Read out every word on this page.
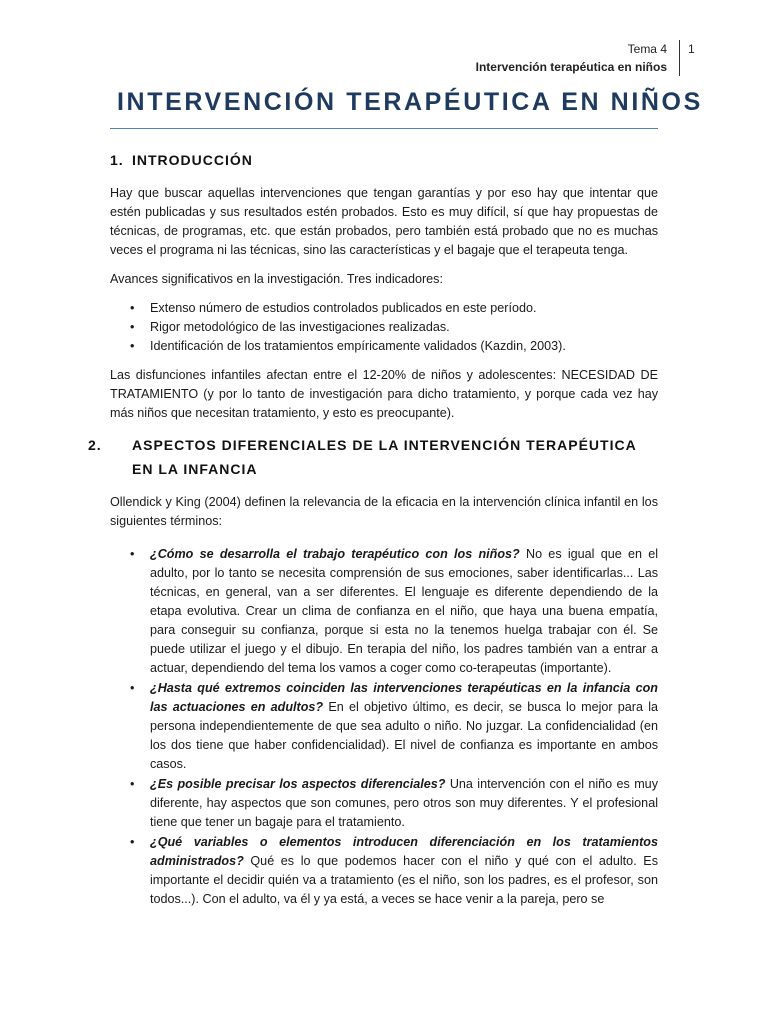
Tema 4
Intervención terapéutica en niños
1
INTERVENCIÓN TERAPÉUTICA EN NIÑOS
1. INTRODUCCIÓN

Hay que buscar aquellas intervenciones que tengan garantías y por eso hay que intentar que estén publicadas y sus resultados estén probados. Esto es muy difícil, sí que hay propuestas de técnicas, de programas, etc. que están probados, pero también está probado que no es muchas veces el programa ni las técnicas, sino las características y el bagaje que el terapeuta tenga.

Avances significativos en la investigación. Tres indicadores:

• Extenso número de estudios controlados publicados en este período.
• Rigor metodológico de las investigaciones realizadas.
• Identificación de los tratamientos empíricamente validados (Kazdin, 2003).

Las disfunciones infantiles afectan entre el 12-20% de niños y adolescentes: NECESIDAD DE TRATAMIENTO (y por lo tanto de investigación para dicho tratamiento, y porque cada vez hay más niños que necesitan tratamiento, y esto es preocupante).

2. ASPECTOS DIFERENCIALES DE LA INTERVENCIÓN TERAPÉUTICA EN LA INFANCIA

Ollendick y King (2004) definen la relevancia de la eficacia en la intervención clínica infantil en los siguientes términos:

• ¿Cómo se desarrolla el trabajo terapéutico con los niños? No es igual que en el adulto, por lo tanto se necesita comprensión de sus emociones, saber identificarlas... Las técnicas, en general, van a ser diferentes. El lenguaje es diferente dependiendo de la etapa evolutiva. Crear un clima de confianza en el niño, que haya una buena empatía, para conseguir su confianza, porque si esta no la tenemos huelga trabajar con él. Se puede utilizar el juego y el dibujo. En terapia del niño, los padres también van a entrar a actuar, dependiendo del tema los vamos a coger como co-terapeutas (importante).
• ¿Hasta qué extremos coinciden las intervenciones terapéuticas en la infancia con las actuaciones en adultos? En el objetivo último, es decir, se busca lo mejor para la persona independientemente de que sea adulto o niño. No juzgar. La confidencialidad (en los dos tiene que haber confidencialidad). El nivel de confianza es importante en ambos casos.
• ¿Es posible precisar los aspectos diferenciales? Una intervención con el niño es muy diferente, hay aspectos que son comunes, pero otros son muy diferentes. Y el profesional tiene que tener un bagaje para el tratamiento.
• ¿Qué variables o elementos introducen diferenciación en los tratamientos administrados? Qué es lo que podemos hacer con el niño y qué con el adulto. Es importante el decidir quién va a tratamiento (es el niño, son los padres, es el profesor, son todos...). Con el adulto, va él y ya está, a veces se hace venir a la pareja, pero se
